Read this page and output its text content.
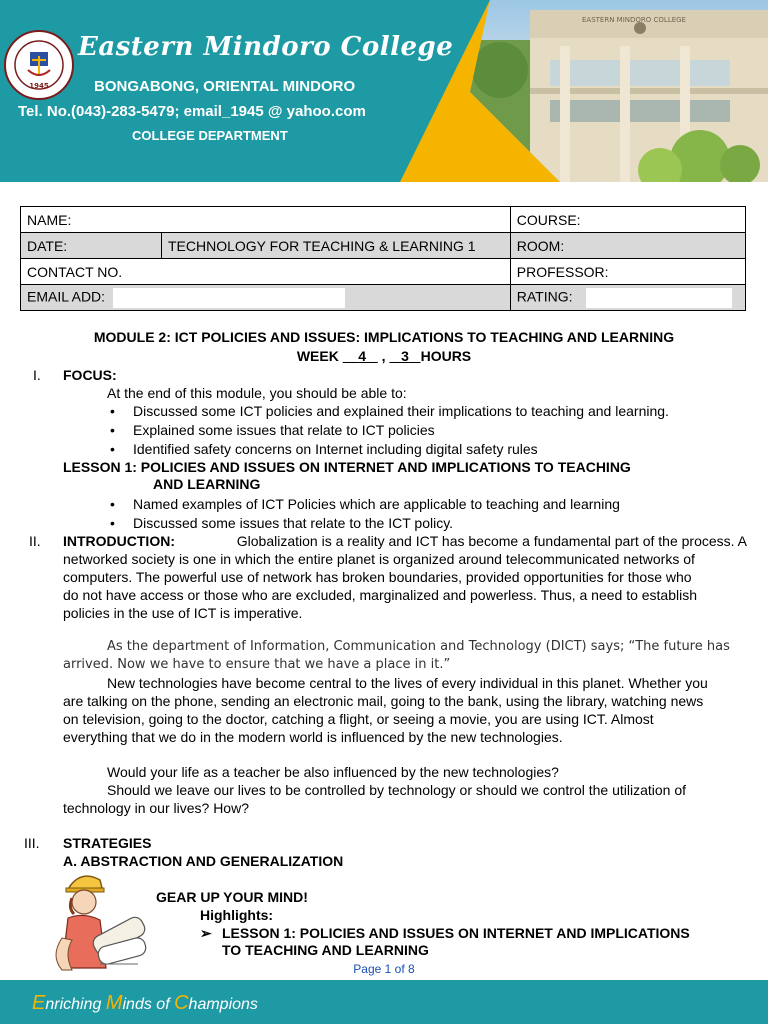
EASTERN MINDORO COLLEGE
1945
Eastern Mindoro College
BONGABONG, ORIENTAL MINDORO
Tel. No.(043)-283-5479; email_1945 @ yahoo.com
COLLEGE DEPARTMENT
NAME:		COURSE:
DATE:	TECHNOLOGY FOR TEACHING & LEARNING 1	ROOM:
CONTACT NO.		PROFESSOR:
EMAIL ADD:		RATING:
MODULE 2: ICT POLICIES AND ISSUES: IMPLICATIONS TO TEACHING AND LEARNING
WEEK     4    ,    3 HOURS
I. FOCUS:
At the end of this module, you should be able to:
• Discussed some ICT policies and explained their implications to teaching and learning.
• Explained some issues that relate to ICT policies
• Identified safety concerns on Internet including digital safety rules
LESSON 1: POLICIES AND ISSUES ON INTERNET AND IMPLICATIONS TO TEACHING
AND LEARNING
• Named examples of ICT Policies which are applicable to teaching and learning
• Discussed some issues that relate to the ICT policy.
II. INTRODUCTION:	Globalization is a reality and ICT has become a fundamental part of the process. A
networked society is one in which the entire planet is organized around telecommunicated networks of
computers. The powerful use of network has broken boundaries, provided opportunities for those who
do not have access or those who are excluded, marginalized and powerless. Thus, a need to establish
policies in the use of ICT is imperative.
As the department of Information, Communication and Technology (DICT) says; “The future has
arrived. Now we have to ensure that we have a place in it.”
New technologies have become central to the lives of every individual in this planet. Whether you
are talking on the phone, sending an electronic mail, going to the bank, using the library, watching news
on television, going to the doctor, catching a flight, or seeing a movie, you are using ICT. Almost
everything that we do in the modern world is influenced by the new technologies.
Would your life as a teacher be also influenced by the new technologies?
Should we leave our lives to be controlled by technology or should we control the utilization of
technology in our lives? How?
III. STRATEGIES
A. ABSTRACTION AND GENERALIZATION
GEAR UP YOUR MIND!
Highlights:
➢ LESSON 1: POLICIES AND ISSUES ON INTERNET AND IMPLICATIONS
TO TEACHING AND LEARNING
Page 1 of 8
Enriching Minds of Champions
